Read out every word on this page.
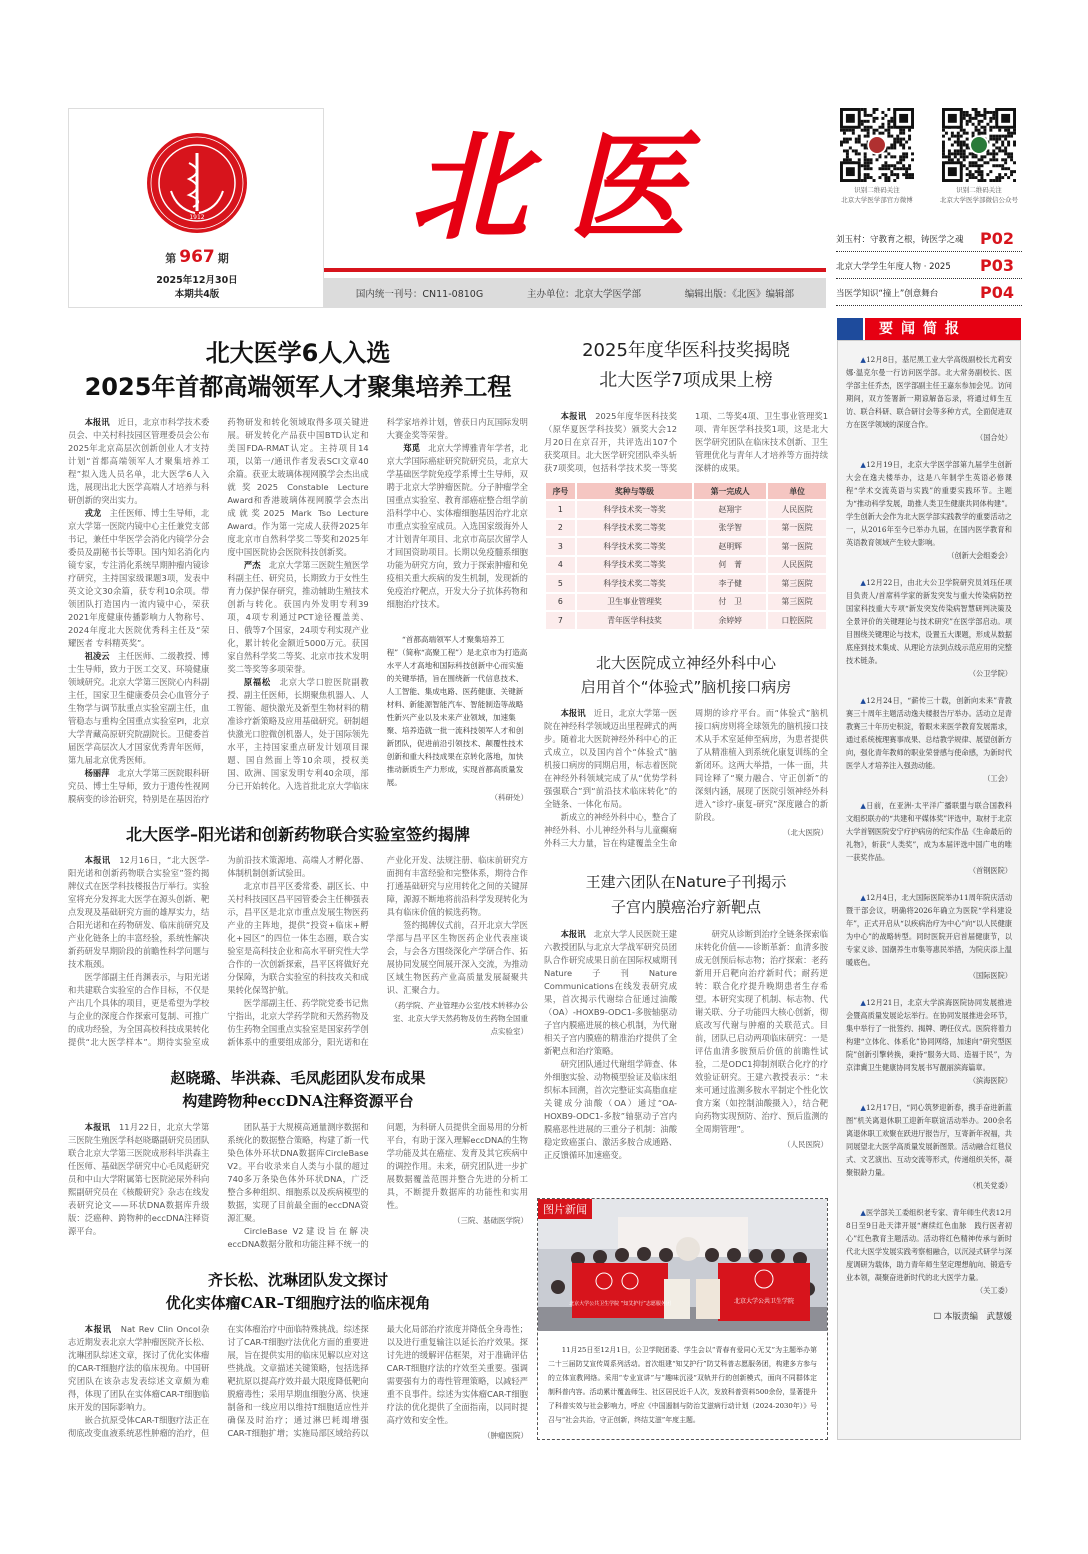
1912
第 967 期
2025年12月30日
本期共4版
北医
国内统一刊号：CN11-0810G	主办单位：北京大学医学部	编辑出版：《北医》编辑部
识别二维码关注
北京大学医学部官方微博
识别二维码关注
北京大学医学部微信公众号
刘玉村：守教育之根，铸医学之魂 P02
北京大学学生年度人物 · 2025 P03
当医学知识“撞上”创意舞台	P04
北大医学6人入选
2025年首都高端领军人才聚集培养工程

本报讯　 近日，北京市科学技术委员会、中关村科技园区管理委员会公布2025年北京高层次创新创业人才支持计划“首都高端领军人才聚集培养工程”拟入选人员名单，北大医学6人入选，展现出北大医学高端人才培养与科研创新的突出实力。

戎龙　 主任医师、博士生导师，北京大学第一医院内镜中心主任兼党支部书记，兼任中华医学会消化内镜学分会委员及副秘书长等职。国内知名消化内镜专家，专注消化系统早期肿瘤内镜诊疗研究，主持国家级课题3项，发表中英文论文30余篇，获专利10余项。带领团队打造国内一流内镜中心，荣获2021年度健康传播影响力人物称号、2024年度北大医院优秀科主任及“荣耀医者 专科精英奖”。

祖凌云　 主任医师、二级教授、博士生导师，致力于医工交叉、环境健康领域研究。北京大学第三医院心内科副主任，国家卫生健康委员会心血管分子生物学与调节肽重点实验室副主任，血管稳态与重构全国重点实验室PI，北京大学青藏高原研究院副院长。卫健委首届医学高层次人才国家优秀青年医师，第九届北京优秀医师。

杨丽萍　 北京大学第三医院眼科研究员、博士生导师，致力于遗传性视网膜病变的诊治研究，特别是在基因治疗药物研发和转化领域取得多项关键进展。研发转化产品获中国BTD认定和美国FDA-RMAT认定。主持项目14项，以第一/通讯作者发表SCI文章40余篇。获亚太玻璃体视网膜学会杰出成就奖2025 Constable Lecture Award和香港玻璃体视网膜学会杰出成就奖2025 Mark Tso Lecture Award。作为第一完成人获得2025年度北京市自然科学奖二等奖和2025年度中国医院协会医院科技创新奖。

严杰　 北京大学第三医院生殖医学科副主任、研究员，长期致力于女性生育力保护保存研究，推动辅助生殖技术创新与转化。获国内外发明专利39项，4项专利通过PCT途径覆盖美、日、俄等7个国家，24项专利实现产业化，累计转化金额近5000万元。获国家自然科学奖二等奖、北京市技术发明奖二等奖等多项荣誉。

原福松　 北京大学口腔医院副教授、副主任医师，长期聚焦机器人、人工智能、超快激光及新型生物材料的精准诊疗新策略及应用基础研究。研制超快激光口腔微创机器人，处于国际领先水平，主持国家重点研发计划项目课题、国自然面上等10余项，授权美国、欧洲、国家发明专利40余项，部分已开始转化。入选首批北京大学临床科学家培养计划，曾获日内瓦国际发明大赛金奖等荣誉。

郑觅　 北京大学博雅青年学者，北京大学国际癌症研究院研究员，北京大学基础医学院免疫学系博士生导师，双聘于北京大学肿瘤医院。分子肿瘤学全国重点实验室、教育部癌症整合组学前沿科学中心、实体瘤细胞基因治疗北京市重点实验室成员。入选国家级海外人才计划青年项目、北京市高层次留学人才回国资助项目。长期以免疫髓系细胞功能为研究方向，致力于探索肿瘤和免疫相关重大疾病的发生机制，发现新的免疫治疗靶点，开发大分子抗体药物和细胞治疗技术。

“首都高端领军人才聚集培养工程”（简称“高聚工程”）是北京市为打造高水平人才高地和国际科技创新中心而实施的关键举措，旨在围绕新一代信息技术、人工智能、集成电路、医药健康、关键新材料、新能源智能汽车、智能制造等战略性新兴产业以及未来产业领域，加速集聚、培养造就一批一流科技领军人才和创新团队，促进前沿引领技术、颠覆性技术创新和重大科技成果在京转化落地，加快推动新质生产力形成，实现首都高质量发展。
（科研处）
北大医学–阳光诺和创新药物联合实验室签约揭牌

本报讯　 12月16日，“北大医学-阳光诺和创新药物联合实验室”签约揭牌仪式在医学科技楼报告厅举行。实验室将充分发挥北大医学在源头创新、靶点发现及基础研究方面的雄厚实力，结合阳光诺和在药物研发、临床前研究及产业化链条上的丰富经验，系统性解决新药研发早期阶段的前瞻性科学问题与技术瓶颈。

医学部副主任肖渊表示，与阳光诺和共建联合实验室的合作目标，不仅是产出几个具体的项目，更是希望为学校与企业的深度合作探索可复制、可推广的成功经验，为全国高校科技成果转化提供“北大医学样本”。期待实验室成为前沿技术策源地、高端人才孵化器、体制机制创新试验田。

北京市昌平区委常委、副区长、中关村科技园区昌平园管委会主任柳强表示，昌平区是北京市重点发展生物医药产业的主阵地，提供“投资+临床+孵化+园区”的四位一体生态圈，联合实验室是高科技企业和高水平研究性大学合作的一次创新探索，昌平区将做好充分保障，为联合实验室的科技攻关和成果转化保驾护航。

医学部副主任、药学院党委书记焦宁指出，北京大学药学院和天然药物及仿生药物全国重点实验室是国家药学创新体系中的重要组成部分，阳光诺和在产业化开发、法规注册、临床前研究方面拥有丰富经验和完整体系，期待合作打通基础研究与应用转化之间的关键屏障，源源不断地将前沿科学发现转化为具有临床价值的候选药物。

签约揭牌仪式前，召开北京大学医学部与昌平区生物医药企业代表座谈会，与会各方围绕深化产学研合作、拓展协同发展空间展开深入交流，为推动区域生物医药产业高质量发展凝聚共识、汇聚合力。

（药学院、产业管理办公室/技术转移办公室、北京大学天然药物及仿生药物全国重点实验室）
赵晓璐、毕洪森、毛凤彪团队发布成果
构建跨物种eccDNA注释资源平台

本报讯　 11月22日，北京大学第三医院生殖医学科赵晓璐副研究员团队联合北京大学第三医院成形科毕洪森主任医师、基础医学研究中心毛凤彪研究员和中山大学附属第七医院泌尿外科向熙副研究员在《核酸研究》杂志在线发表研究论文——环状DNA数据库升级版：泛癌种、跨物种的eccDNA注释资源平台。

团队基于大规模高通量测序数据和系统化的数据整合策略，构建了新一代染色体外环状DNA数据库CircleBase V2。平台收录来自人类与小鼠的超过740多万条染色体外环状DNA，广泛整合多种组织、细胞系以及疾病模型的数据，实现了目前最全面的eccDNA资源汇聚。

CircleBase V2建设旨在解决eccDNA数据分散和功能注释不统一的问题，为科研人员提供全面易用的分析平台，有助于深入理解eccDNA的生物学功能及其在癌症、发育及其它疾病中的调控作用。未来，研究团队进一步扩展数据覆盖范围并整合先进的分析工具，不断提升数据库的功能性和实用性。

（三院、基础医学院）
齐长松、沈琳团队发文探讨
优化实体瘤CAR–T细胞疗法的临床视角

本报讯　 Nat Rev Clin Oncol杂志近期发表北京大学肿瘤医院齐长松、沈琳团队综述文章，探讨了优化实体瘤的CAR-T细胞疗法的临床视角。中国研究团队在该杂志发表综述文章颇为难得，体现了团队在实体瘤CAR-T细胞临床开发的国际影响力。

嵌合抗原受体CAR-T细胞疗法正在彻底改变血液系统恶性肿瘤的治疗，但在实体瘤治疗中面临特殊挑战。综述探讨了CAR-T细胞疗法优化方面的重要进展，旨在提供实用的临床见解以应对这些挑战。文章描述关键策略，包括选择靶抗原以提高疗效并最大限度降低靶向脱瘤毒性；采用早期血细胞分离、快速制备和一线应用以维持T细胞适应性并确保及时治疗；通过淋巴耗竭增强CAR-T细胞扩增；实施局部区域给药以最大化局部治疗浓度并降低全身毒性；以及进行重复输注以延长治疗效果。探讨先进的缓解评估框架，对于准确评估CAR-T细胞疗法的疗效至关重要。强调需要强有力的毒性管理策略，以减轻严重不良事件。综述为实体瘤CAR-T细胞疗法的优化提供了全面指南，以同时提高疗效和安全性。

（肿瘤医院）
2025年度华医科技奖揭晓
北大医学7项成果上榜

本报讯　 2025年度华医科技奖（原华夏医学科技奖）颁奖大会12月20日在京召开，共评选出107个获奖项目。北大医学研究团队牵头斩获7项奖项，包括科学技术奖一等奖1项、二等奖4项、卫生事业管理奖1项、青年医学科技奖1项，这是北大医学研究团队在临床技术创新、卫生管理优化与青年人才培养等方面持续深耕的成果。

序号	奖种与等级	第一完成人	单位
1	科学技术奖一等奖	赵翔宇	人民医院
2	科学技术奖二等奖	张学智	第一医院
3	科学技术奖二等奖	赵明辉	第一医院
4	科学技术奖二等奖	何　菁	人民医院
5	科学技术奖二等奖	李子健	第三医院
6	卫生事业管理奖	付　卫	第三医院
7	青年医学科技奖	余婷婷	口腔医院
北大医院成立神经外科中心
启用首个“体验式”脑机接口病房

本报讯　 近日，北京大学第一医院在神经科学领域迈出里程碑式的两步。随着北大医院神经外科中心的正式成立，以及国内首个“体验式”脑机接口病房的同期启用，标志着医院在神经外科领域完成了从“优势学科强强联合”到“前沿技术临床转化”的全链条、一体化布局。

新成立的神经外科中心，整合了神经外科、小儿神经外科与儿童癫痫外科三大力量，旨在构建覆盖全生命周期的诊疗平台。而“体验式”脑机接口病房则将全球领先的脑机接口技术从手术室延伸至病房，为患者提供了从精准植入到系统化康复训练的全新闭环。这两大举措，一体一面，共同诠释了“聚力融合、守正创新”的深刻内涵，展现了医院引领神经外科进入“诊疗-康复-研究”深度融合的新阶段。

（北大医院）
王建六团队在Nature子刊揭示
子宫内膜癌治疗新靶点

本报讯　 北京大学人民医院王建六教授团队与北京大学战军研究员团队合作研究成果日前在国际权威期刊Nature子刊Nature Communications在线发表研究成果，首次揭示代谢综合征通过油酸（OA）-HOXB9-ODC1-多胺轴驱动子宫内膜癌进展的核心机制，为代谢相关子宫内膜癌的精准治疗提供了全新靶点和治疗策略。

研究团队通过代谢组学筛查、体外细胞实验、动物模型验证及临床组织标本回溯，首次完整证实高脂血症关键成分油酸（OA）通过“OA-HOXB9-ODC1-多胺”轴驱动子宫内膜癌恶性进展的三重分子机制：油酸稳定致癌蛋白、激活多胺合成通路、正反馈循环加速癌变。

研究从诊断到治疗全链条探索临床转化价值——诊断革新：血清多胺成无创预后标志物；治疗探索：老药新用开启靶向治疗新时代；耐药逆转：联合化疗提升晚期患者生存希望。本研究实现了机制、标志物、代谢关联、分子功能四大核心创新，彻底改写代谢与肿瘤的关联范式。目前，团队已启动两项临床研究：一是评估血清多胺预后价值的前瞻性试验，二是ODC1抑制剂联合化疗的疗效验证研究。王建六教授表示：“未来可通过监测多胺水平制定个性化饮食方案（如控制油酸摄入），结合靶向药物实现预防、治疗、预后监测的全周期管理”。

（人民医院）
北京大学公共卫生学院 “知艾护行”志愿服务团	北京大学公共卫生学院
图片新闻
11月25日至12月1日，公卫学院团委、学生会以“青春有爱同心无艾”为主题举办第二十三届防艾宣传周系列活动。首次组建“知艾护行”防艾科普志愿服务团，构建多方参与的立体宣教网络。采用“专业宣讲”与“趣味沉浸”双轨并行的创新模式，面向不同群体定制科普内容。活动累计覆盖师生、社区居民近千人次，发放科普资料500余份，显著提升了科普实效与社会影响力，呼应《中国遏制与防治艾滋病行动计划（2024-2030年）》号召与“社会共治，守正创新，终结艾滋”年度主题。
要闻简报

▲12月8日，基尼黑工业大学高级副校长尤莉安娜·温克尔曼一行访问医学部。北大常务副校长、医学部主任乔杰，医学部副主任王嘉东参加会见。访问期间，双方签署新一期谅解备忘录，将通过师生互访、联合科研、联合研讨会等多种方式，全面促进双方在医学领域的深度合作。

（国合处）

▲12月19日，北京大学医学部第九届学生创新大会在逸夫楼举办，这是八年制学生英语必修课程“学术交流英语与实践”的重要实践环节。主题为“推动科学发展，助推人类卫生健康共同体构建”。学生创新大会作为北大医学部实践教学的重要活动之一，从2016年至今已举办九届，在国内医学教育和英语教育领域产生较大影响。

（创新大会组委会）

▲12月22日，由北大公卫学院研究员刘珏任项目负责人/首席科学家的新发突发与重大传染病防控国家科技重大专项“新发突发传染病智慧研判决策及全景评价的关键理论与技术研究”在医学部启动。项目围绕关键理论与技术，设置五大课题，形成从数据底座到技术集成、从理论方法到点线示范应用的完整技术链条。

（公卫学院）

▲12月24日，“薪传三十载，创新向未来”青教赛三十周年主题活动逸夫楼报告厅举办。活动立足青教赛三十年历史积淀，着眼未来医学教育发展需求，通过系统梳理赛事成果、总结教学规律、展望创新方向，强化青年教师的职业荣誉感与使命感，为新时代医学人才培养注入强劲动能。

（工会）

▲日前，在亚洲-太平洋广播联盟与联合国教科文组织联办的“共建和平媒体奖”评选中，取材于北京大学首钢医院安宁疗护病房的纪实作品《生命最后的礼物》，斩获“人类奖”，成为本届评选中国广电的唯一获奖作品。

（首钢医院）

▲12月4日，北大国际医院举办11周年院庆活动暨干部会议，明确将2026年确立为医院“学科建设年”，正式开启从“以疾病治疗为中心”向“以人民健康为中心”的战略转型。同时医院开启首届健康节，以专家义诊、国潮养生市集等惠民举措，为院庆添上温暖底色。

（国际医院）

▲12月21日，北京大学滨海医院协同发展推进会暨高质量发展论坛举行。在协同发展推进会环节，集中举行了一批签约、揭牌、聘任仪式。医院将着力构建“立体化、体系化”协同网络，加速向“研究型医院”创新引擎转换，秉持“服务大局、造福于民”，为京津冀卫生健康协同发展书写靓丽滨海篇章。

（滨海医院）

▲12月17日，“同心筑梦迎新春，携手奋进新蓝图”机关离退休职工迎新年联谊活动举办。200余名离退休职工欢聚在跃进厅报告厅，互寄新年祝福，共同展望北大医学高质量发展新图景。活动融合红毯仪式、文艺演出、互动交流等形式，传递组织关怀，凝聚银龄力量。

（机关党委）

▲医学部关工委组织老专家、青年师生代表12月8日至9日赴天津开展“赓续红色血脉　践行医者初心”红色教育主题活动。活动将红色精神传承与新时代北大医学发展实践考察相融合，以沉浸式研学与深度调研为载体，助力青年师生坚定理想航向、锻造专业本领，凝聚奋进新时代的北大医学力量。

（关工委）
☐ 本版责编　武慧媛
